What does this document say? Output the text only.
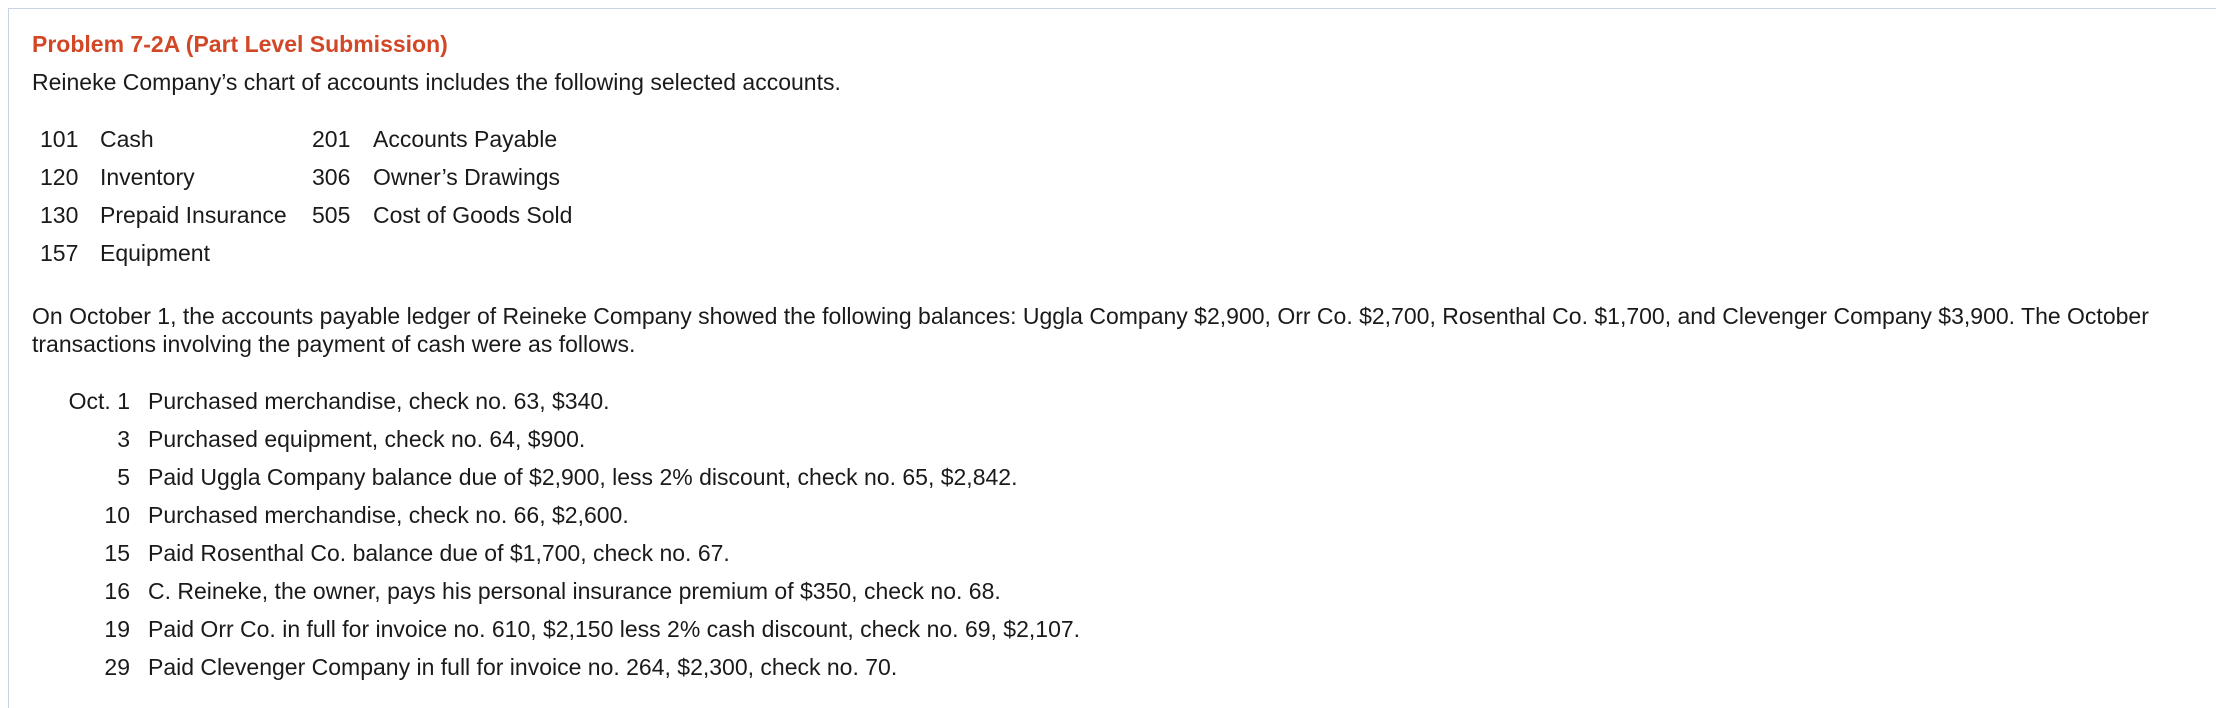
Problem 7-2A (Part Level Submission)
Reineke Company’s chart of accounts includes the following selected accounts.
101 Cash	201 Accounts Payable
120 Inventory	306 Owner’s Drawings
130 Prepaid Insurance 505 Cost of Goods Sold
157 Equipment
On October 1, the accounts payable ledger of Reineke Company showed the following balances: Uggla Company $2,900, Orr Co. $2,700, Rosenthal Co. $1,700, and Clevenger Company $3,900. The October transactions involving the payment of cash were as follows.
Oct. 1 Purchased merchandise, check no. 63, $340.
3 Purchased equipment, check no. 64, $900.
5 Paid Uggla Company balance due of $2,900, less 2% discount, check no. 65, $2,842.
10 Purchased merchandise, check no. 66, $2,600.
15 Paid Rosenthal Co. balance due of $1,700, check no. 67.
16 C. Reineke, the owner, pays his personal insurance premium of $350, check no. 68.
19 Paid Orr Co. in full for invoice no. 610, $2,150 less 2% cash discount, check no. 69, $2,107.
29 Paid Clevenger Company in full for invoice no. 264, $2,300, check no. 70.
